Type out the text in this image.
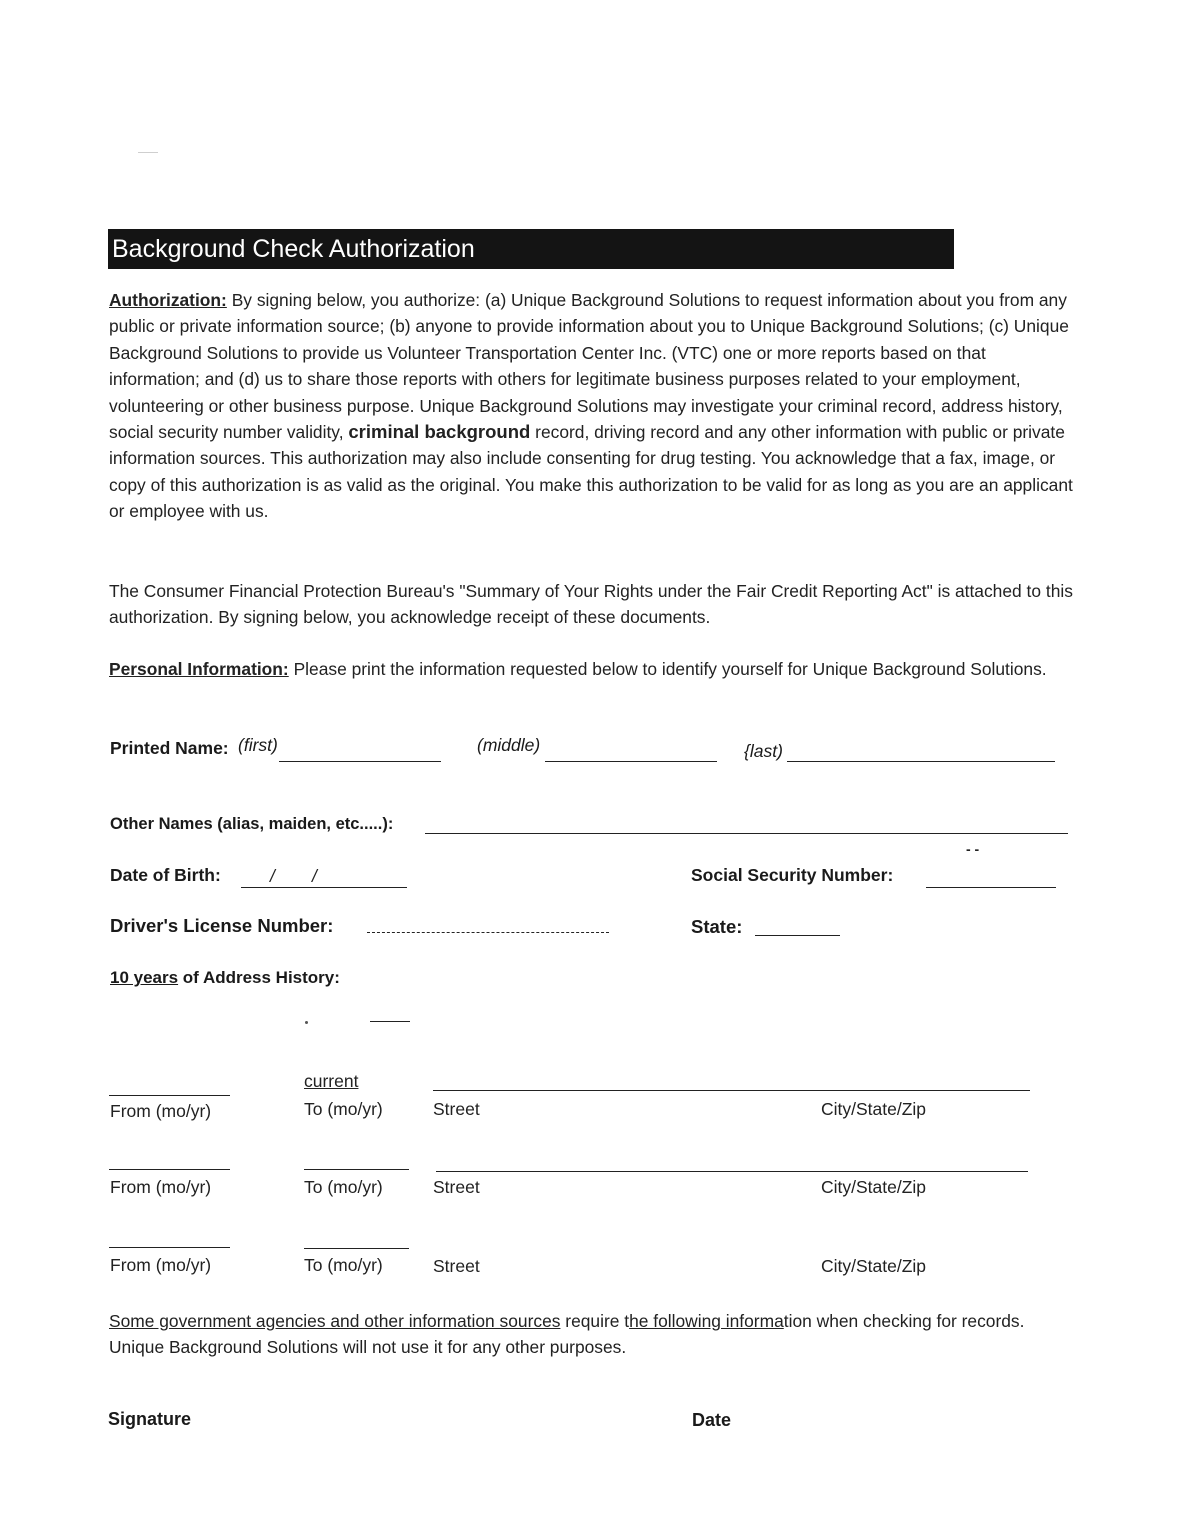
Background Check Authorization

Authorization: By signing below, you authorize: (a) Unique Background Solutions to request information about you from any public or private information source; (b) anyone to provide information about you to Unique Background Solutions; (c) Unique Background Solutions to provide us Volunteer Transportation Center Inc. (VTC) one or more reports based on that information; and (d) us to share those reports with others for legitimate business purposes related to your employment, volunteering or other business purpose. Unique Background Solutions may investigate your criminal record, address history, social security number validity, criminal background record, driving record and any other information with public or private information sources. This authorization may also include consenting for drug testing. You acknowledge that a fax, image, or copy of this authorization is as valid as the original. You make this authorization to be valid for as long as you are an applicant or employee with us.

The Consumer Financial Protection Bureau's "Summary of Your Rights under the Fair Credit Reporting Act" is attached to this authorization. By signing below, you acknowledge receipt of these documents.

Personal Information: Please print the information requested below to identify yourself for Unique Background Solutions.

Printed Name: (first)	(middle)	{last)
Other Names (alias, maiden, etc.....):
Date of Birth:	/ /	Social Security Number:
- -
Driver's License Number:	State:
10 years of Address History:
current
From (mo/yr)	To (mo/yr)	Street	City/State/Zip
From (mo/yr)	To (mo/yr)	Street	City/State/Zip
From (mo/yr)	To (mo/yr)	Street	City/State/Zip

Some government agencies and other information sources require the following information when checking for records. Unique Background Solutions will not use it for any other purposes.

Signature	Date
